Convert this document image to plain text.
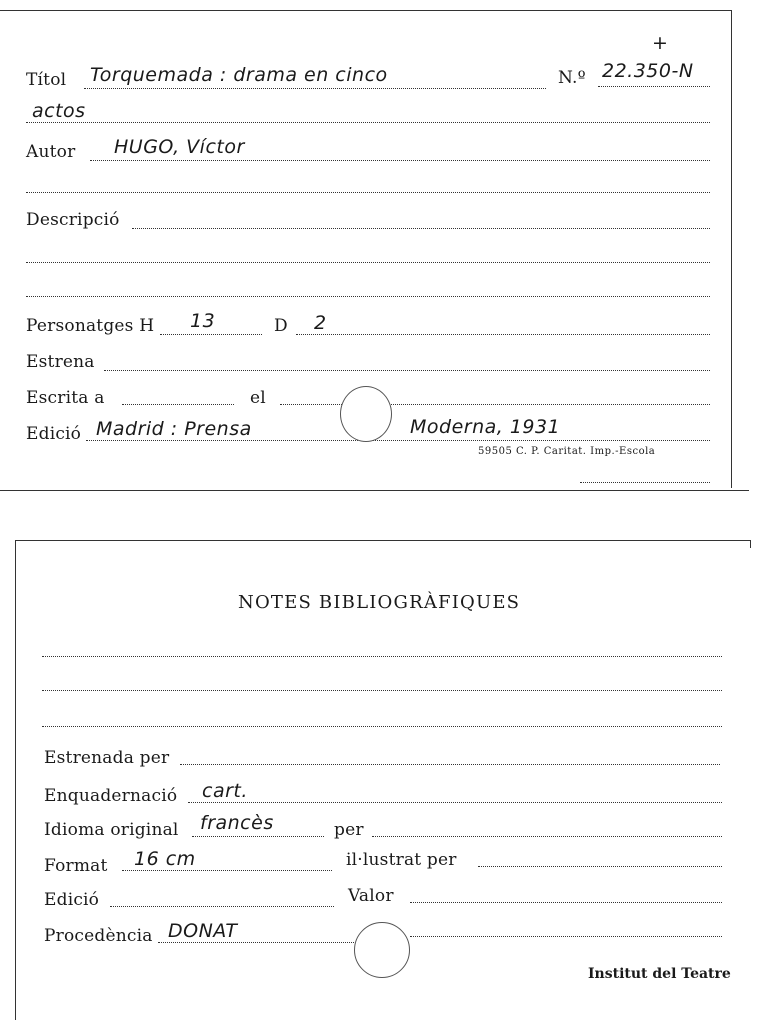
Títol Torquemada : drama en cinco	N.º 22.350-N
+
actos
Autor HUGO, Víctor
Descripció
Personatges H 13	D 2
Estrena
Escrita a	el
Edició Madrid : Prensa	Moderna, 1931
59505 C. P. Caritat. Imp.-Escola
NOTES BIBLIOGRÀFIQUES
Estrenada per
Enquadernació cart.
Idioma original francès	per
Format 16 cm	il·lustrat per
Edició	Valor
Procedència DONAT
Institut del Teatre
